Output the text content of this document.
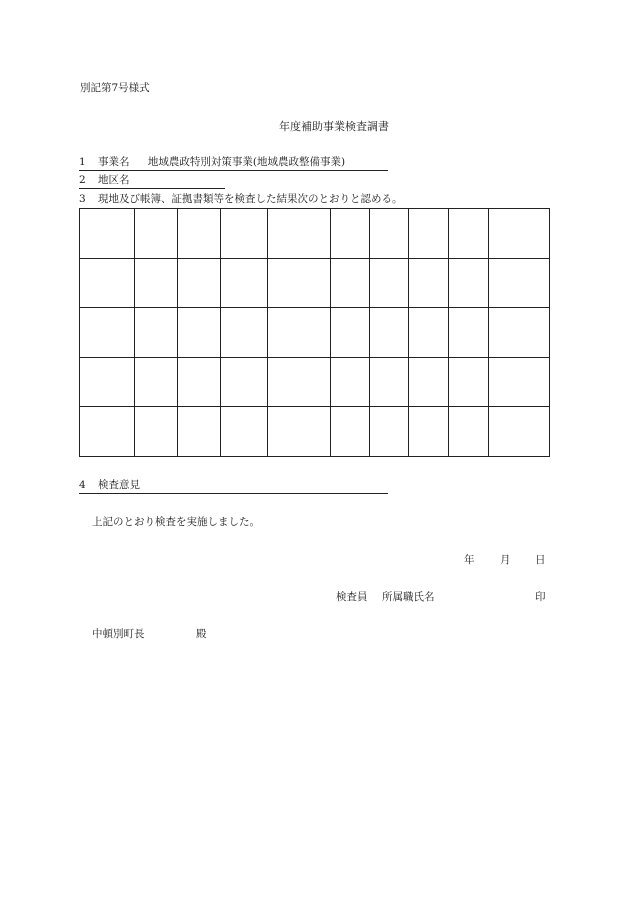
別記第7号様式
年度補助事業検査調書
1 事業名 地域農政特別対策事業(地域農政整備事業)
2 地区名
3 現地及び帳簿、証拠書類等を検査した結果次のとおりと認める。

4 検査意見
上記のとおり検査を実施しました。
年 月 日
検査員 所属職氏名	印
中頓別町長	殿
